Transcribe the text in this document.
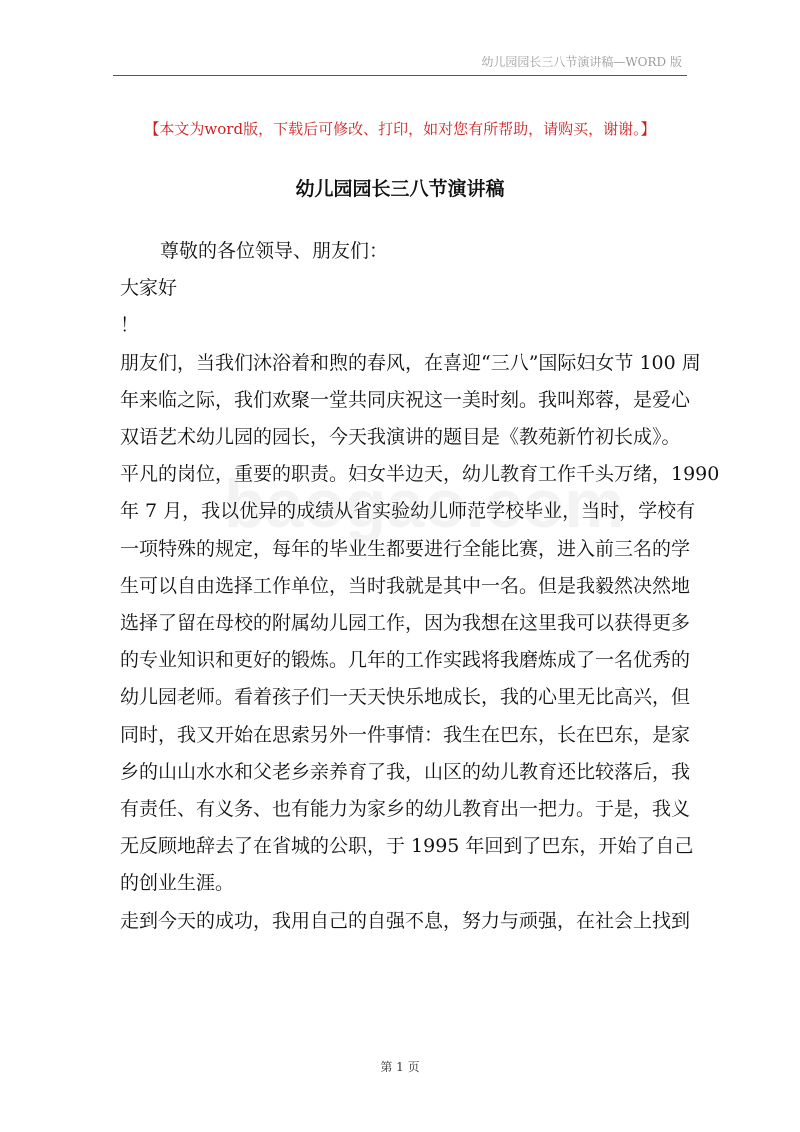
幼儿园园长三八节演讲稿—WORD 版
【本文为word版，下载后可修改、打印，如对您有所帮助，请购买，谢谢。】
幼儿园园长三八节演讲稿

尊敬的各位领导、朋友们：

大家好

！

朋友们，当我们沐浴着和煦的春风，在喜迎“三八”国际妇女节 100 周

年来临之际，我们欢聚一堂共同庆祝这一美时刻。我叫郑蓉，是爱心

双语艺术幼儿园的园长，今天我演讲的题目是《教苑新竹初长成》。

平凡的岗位，重要的职责。妇女半边天，幼儿教育工作千头万绪，1990

年 7 月，我以优异的成绩从省实验幼儿师范学校毕业，当时，学校有

一项特殊的规定，每年的毕业生都要进行全能比赛，进入前三名的学

生可以自由选择工作单位，当时我就是其中一名。但是我毅然决然地

选择了留在母校的附属幼儿园工作，因为我想在这里我可以获得更多

的专业知识和更好的锻炼。几年的工作实践将我磨炼成了一名优秀的

幼儿园老师。看着孩子们一天天快乐地成长，我的心里无比高兴，但

同时，我又开始在思索另外一件事情：我生在巴东，长在巴东，是家

乡的山山水水和父老乡亲养育了我，山区的幼儿教育还比较落后，我

有责任、有义务、也有能力为家乡的幼儿教育出一把力。于是，我义

无反顾地辞去了在省城的公职，于 1995 年回到了巴东，开始了自己

的创业生涯。

走到今天的成功，我用自己的自强不息，努力与顽强，在社会上找到

第 1 页
